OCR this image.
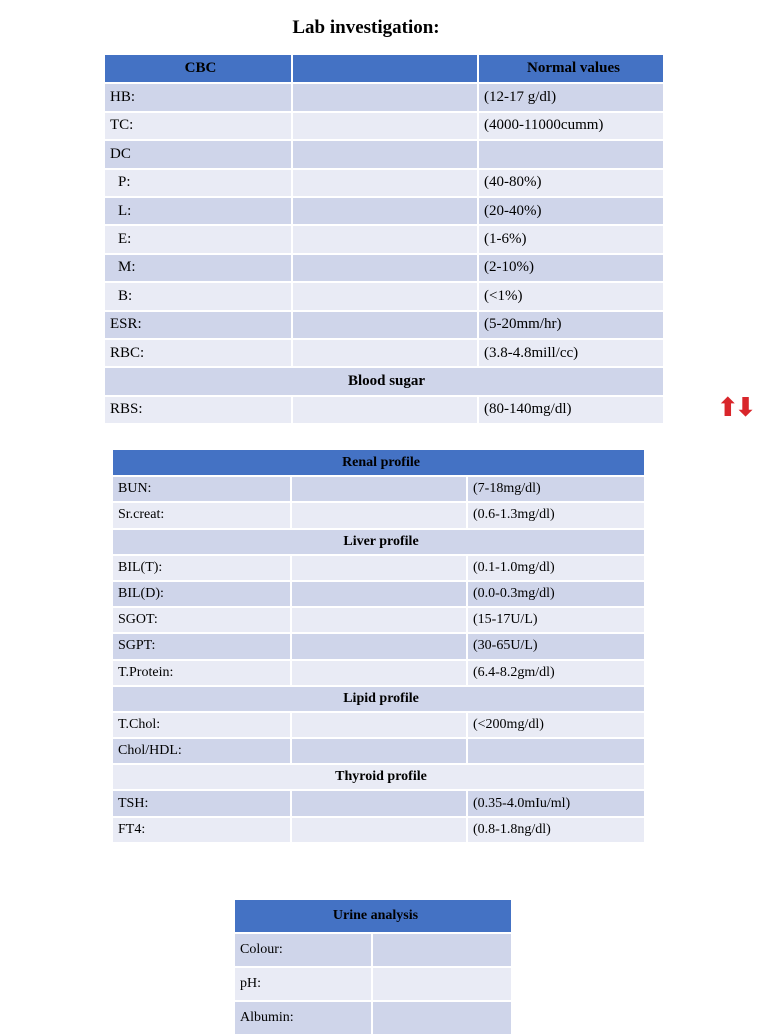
Lab investigation:
CBC		Normal values
HB:		(12-17 g/dl)
TC:		(4000-11000cumm)
DC		
P:		(40-80%)
L:		(20-40%)
E:		(1-6%)
M:		(2-10%)
B:		(<1%)
ESR:		(5-20mm/hr)
RBC:		(3.8-4.8mill/cc)
Blood sugar		
RBS:		(80-140mg/dl)	⬆⬇
Renal profile		
BUN:		(7-18mg/dl)
Sr.creat:		(0.6-1.3mg/dl)
Liver profile		
BIL(T):		(0.1-1.0mg/dl)
BIL(D):		(0.0-0.3mg/dl)
SGOT:		(15-17U/L)
SGPT:		(30-65U/L)
T.Protein:		(6.4-8.2gm/dl)
Lipid profile		
T.Chol:		(<200mg/dl)
Chol/HDL:		
Thyroid profile		
TSH:		(0.35-4.0mIu/ml)
FT4:		(0.8-1.8ng/dl)
Urine analysis	
Colour:	
pH:	
Albumin:	
